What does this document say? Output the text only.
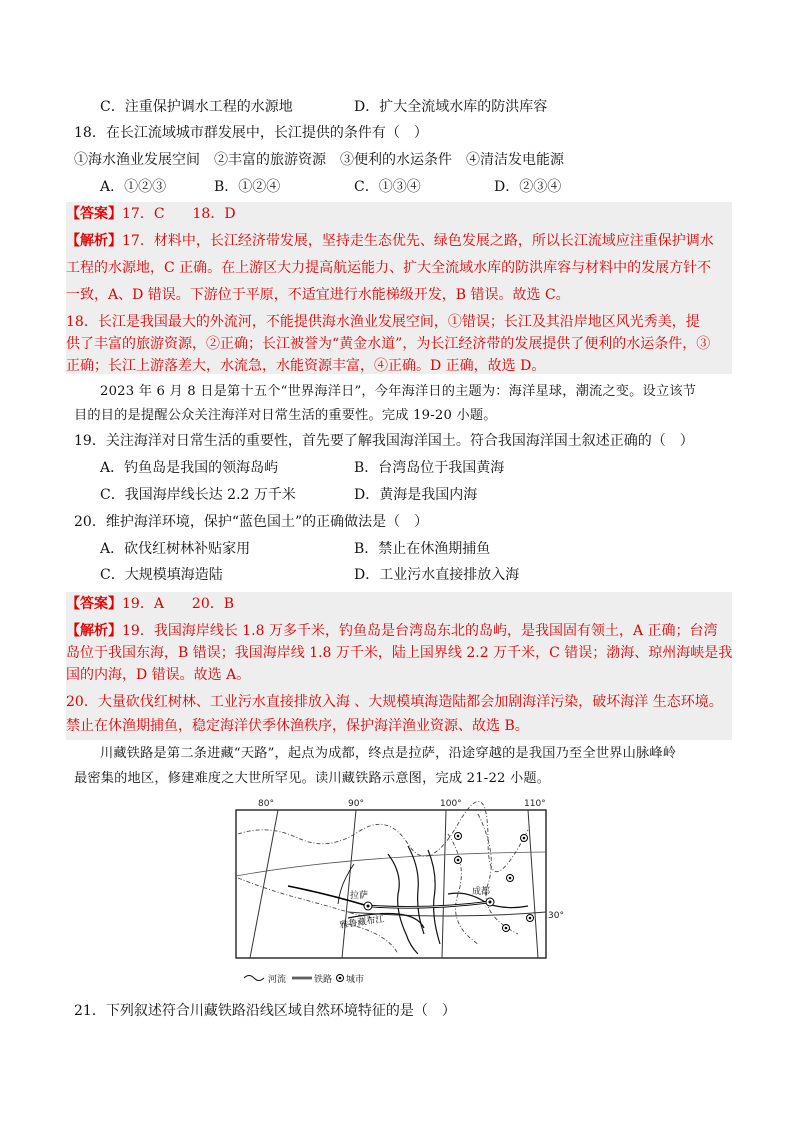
C．注重保护调水工程的水源地	D．扩大全流域水库的防洪库容
18．在长江流域城市群发展中，长江提供的条件有（　）
①海水渔业发展空间　②丰富的旅游资源　③便利的水运条件　④清洁发电能源
A．①②③	B．①②④	C．①③④	D．②③④
【答案】17．C　　18．D
【解析】17．材料中，长江经济带发展，坚持走生态优先、绿色发展之路，所以长江流域应注重保护调水
工程的水源地，C 正确。在上游区大力提高航运能力、扩大全流域水库的防洪库容与材料中的发展方针不
一致，A、D 错误。下游位于平原，不适宜进行水能梯级开发，B 错误。故选 C。
18．长江是我国最大的外流河，不能提供海水渔业发展空间，①错误；长江及其沿岸地区风光秀美，提
供了丰富的旅游资源，②正确；长江被誉为“黄金水道”，为长江经济带的发展提供了便利的水运条件，③
正确；长江上游落差大，水流急，水能资源丰富，④正确。D 正确，故选 D。
2023 年 6 月 8 日是第十五个“世界海洋日”，今年海洋日的主题为：海洋星球，潮流之变。设立该节
目的目的是提醒公众关注海洋对日常生活的重要性。完成 19-20 小题。
19．关注海洋对日常生活的重要性，首先要了解我国海洋国土。符合我国海洋国土叙述正确的（　）
A．钓鱼岛是我国的领海岛屿	B．台湾岛位于我国黄海
C．我国海岸线长达 2.2 万千米	D．黄海是我国内海
20．维护海洋环境，保护“蓝色国土”的正确做法是（　）
A．砍伐红树林补贴家用	B．禁止在休渔期捕鱼
C．大规模填海造陆	D．工业污水直接排放入海
【答案】19．A　　20．B
【解析】19．我国海岸线长 1.8 万多千米，钓鱼岛是台湾岛东北的岛屿，是我国固有领土，A 正确；台湾
岛位于我国东海，B 错误；我国海岸线 1.8 万千米，陆上国界线 2.2 万千米，C 错误；渤海、琼州海峡是我
国的内海，D 错误。故选 A。
20．大量砍伐红树林、工业污水直接排放入海 、大规模填海造陆都会加剧海洋污染，破坏海洋 生态环境。
禁止在休渔期捕鱼，稳定海洋伏季休渔秩序，保护海洋渔业资源、故选 B。
川藏铁路是第二条进藏“天路”，起点为成都，终点是拉萨，沿途穿越的是我国乃至全世界山脉峰岭
最密集的地区，修建难度之大世所罕见。读川藏铁路示意图，完成 21-22 小题。
80°	90°	100°	110°
30°
拉萨	成都
雅鲁藏布江
河流	铁路 城市
21．下列叙述符合川藏铁路沿线区域自然环境特征的是（　）
